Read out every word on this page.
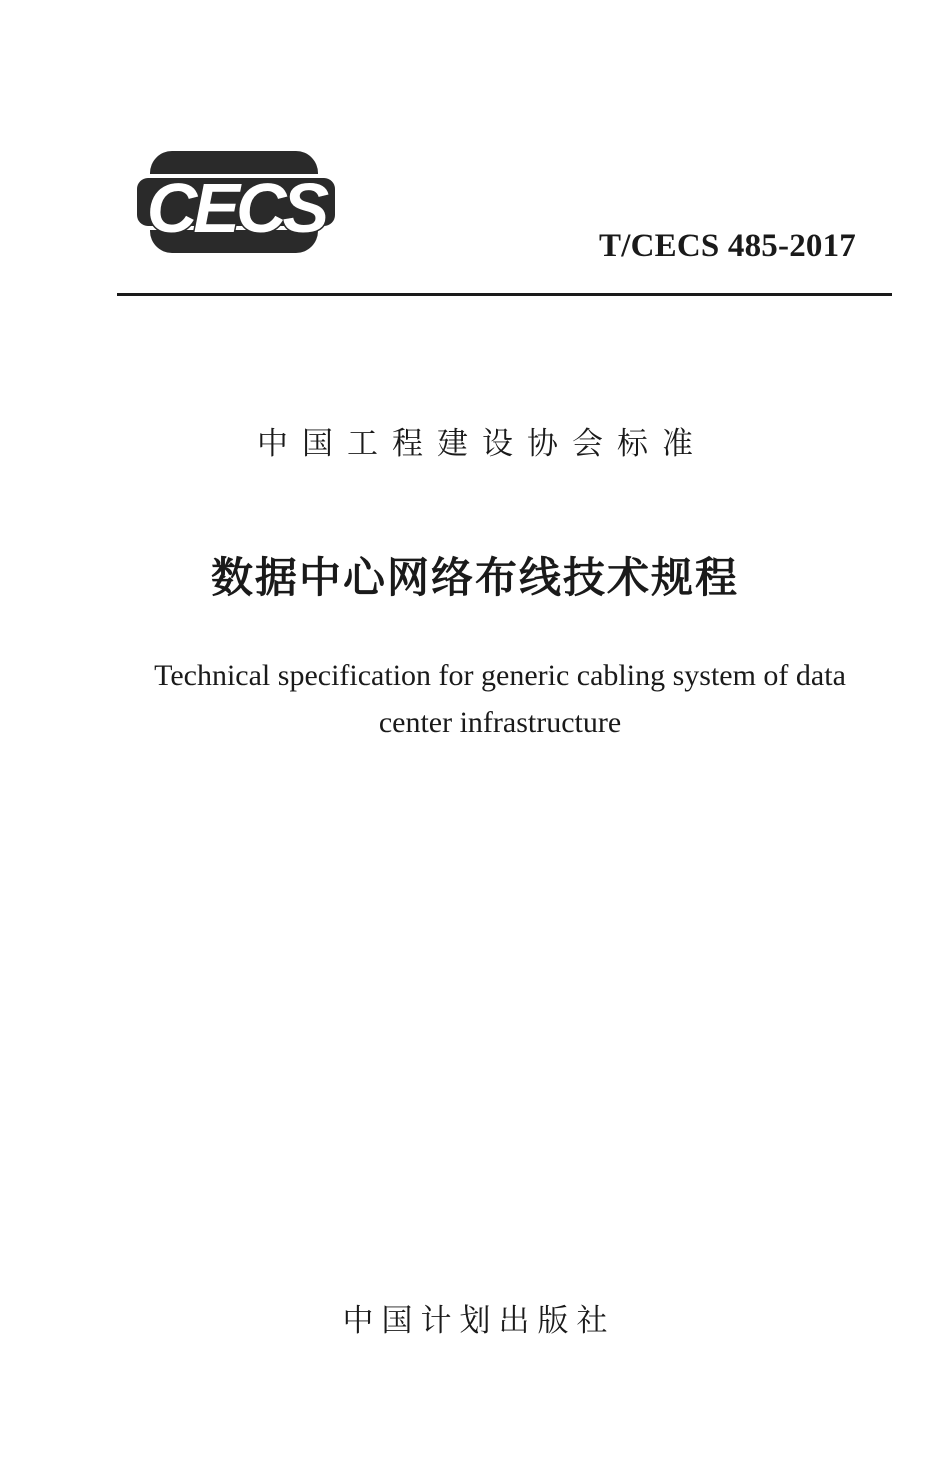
CECS	T/CECS 485-2017
中国工程建设协会标准
数据中心网络布线技术规程
Technical specification for generic cabling system of data
center infrastructure
中国计划出版社
